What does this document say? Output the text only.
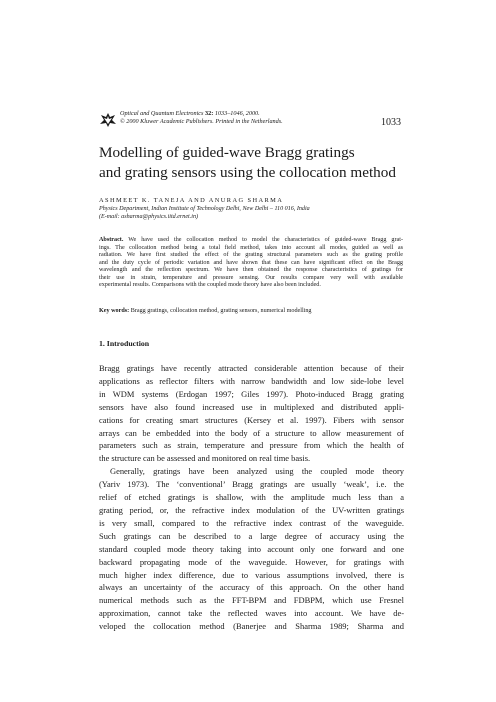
Optical and Quantum Electronics 32: 1033–1046, 2000.
© 2000 Kluwer Academic Publishers. Printed in the Netherlands.	1033
Modelling of guided-wave Bragg gratings
and grating sensors using the collocation method
ASHMEET K. TANEJA AND ANURAG SHARMA
Physics Department, Indian Institute of Technology Delhi, New Delhi – 110 016, India
(E-mail: asharma@physics.iitd.ernet.in)
Abstract. We have used the collocation method to model the characteristics of guided-wave Bragg grat-
ings. The collocation method being a total field method, takes into account all modes, guided as well as
radiation. We have first studied the effect of the grating structural parameters such as the grating profile
and the duty cycle of periodic variation and have shown that these can have significant effect on the Bragg
wavelength and the reflection spectrum. We have then obtained the response characteristics of gratings for
their use in strain, temperature and pressure sensing. Our results compare very well with available
experimental results. Comparisons with the coupled mode theory have also been included.
Key words: Bragg gratings, collocation method, grating sensors, numerical modelling
1. Introduction
Bragg gratings have recently attracted considerable attention because of their
applications as reflector filters with narrow bandwidth and low side-lobe level
in WDM systems (Erdogan 1997; Giles 1997). Photo-induced Bragg grating
sensors have also found increased use in multiplexed and distributed appli-
cations for creating smart structures (Kersey et al. 1997). Fibers with sensor
arrays can be embedded into the body of a structure to allow measurement of
parameters such as strain, temperature and pressure from which the health of
the structure can be assessed and monitored on real time basis.
Generally, gratings have been analyzed using the coupled mode theory
(Yariv 1973). The ‘conventional’ Bragg gratings are usually ‘weak’, i.e. the
relief of etched gratings is shallow, with the amplitude much less than a
grating period, or, the refractive index modulation of the UV-written gratings
is very small, compared to the refractive index contrast of the waveguide.
Such gratings can be described to a large degree of accuracy using the
standard coupled mode theory taking into account only one forward and one
backward propagating mode of the waveguide. However, for gratings with
much higher index difference, due to various assumptions involved, there is
always an uncertainty of the accuracy of this approach. On the other hand
numerical methods such as the FFT-BPM and FDBPM, which use Fresnel
approximation, cannot take the reflected waves into account. We have de-
veloped the collocation method (Banerjee and Sharma 1989; Sharma and
